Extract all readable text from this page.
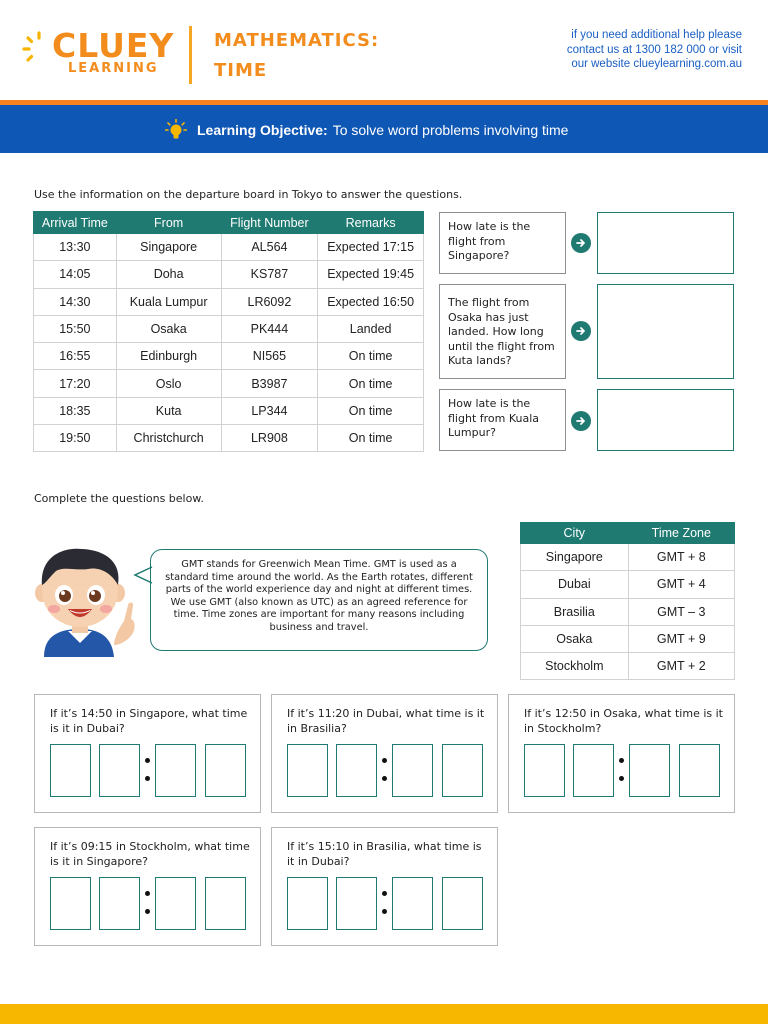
CLUEY
LEARNING
MATHEMATICS:
TIME
if you need additional help please
contact us at 1300 182 000 or visit
our website clueylearning.com.au
Learning Objective: To solve word problems involving time
Use the information on the departure board in Tokyo to answer the questions.
Arrival Time	From	Flight Number	Remarks
13:30	Singapore	AL564	Expected 17:15
14:05	Doha	KS787	Expected 19:45
14:30	Kuala Lumpur	LR6092	Expected 16:50
15:50	Osaka	PK444	Landed
16:55	Edinburgh	NI565	On time
17:20	Oslo	B3987	On time
18:35	Kuta	LP344	On time
19:50	Christchurch	LR908	On time
How late is the flight from Singapore?
The flight from Osaka has just landed. How long until the flight from Kuta lands?
How late is the flight from Kuala Lumpur?
Complete the questions below.
GMT stands for Greenwich Mean Time. GMT is used as a standard time around the world. As the Earth rotates, different parts of the world experience day and night at different times. We use GMT (also known as UTC) as an agreed reference for time. Time zones are important for many reasons including business and travel.
City	Time Zone
Singapore	GMT + 8
Dubai	GMT + 4
Brasilia	GMT – 3
Osaka	GMT + 9
Stockholm	GMT + 2
If it’s 14:50 in Singapore, what time is it in Dubai?
If it’s 11:20 in Dubai, what time is it in Brasilia?
If it’s 12:50 in Osaka, what time is it in Stockholm?
If it’s 09:15 in Stockholm, what time is it in Singapore?
If it’s 15:10 in Brasilia, what time is it in Dubai?
